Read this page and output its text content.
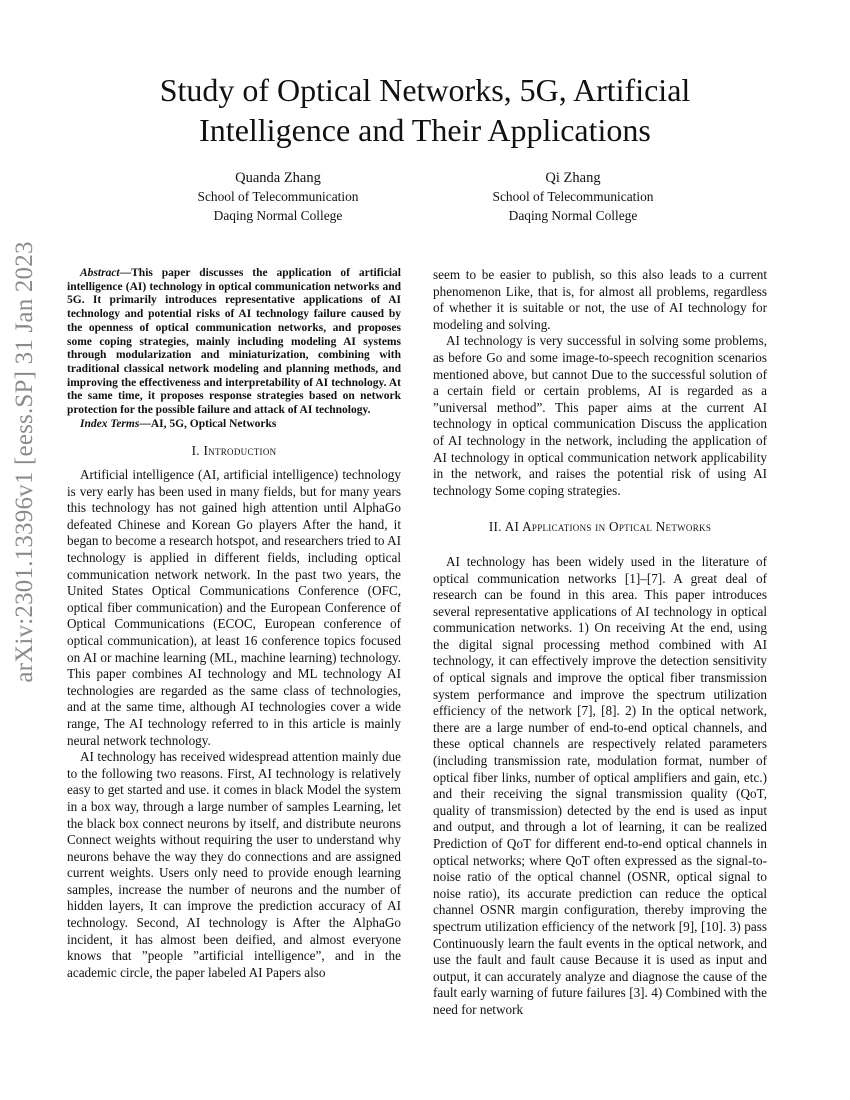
arXiv:2301.13396v1 [eess.SP] 31 Jan 2023
Study of Optical Networks, 5G, Artificial
Intelligence and Their Applications
Quanda Zhang
School of Telecommunication
Daqing Normal College
Qi Zhang
School of Telecommunication
Daqing Normal College

Abstract—This paper discusses the application of artificial intelligence (AI) technology in optical communication networks and 5G. It primarily introduces representative applications of AI technology and potential risks of AI technology failure caused by the openness of optical communication networks, and proposes some coping strategies, mainly including modeling AI systems through modularization and miniaturization, combining with traditional classical network modeling and planning methods, and improving the effectiveness and interpretability of AI technology. At the same time, it proposes response strategies based on network protection for the possible failure and attack of AI technology.

Index Terms—AI, 5G, Optical Networks

I. Introduction

Artificial intelligence (AI, artificial intelligence) technology is very early has been used in many fields, but for many years this technology has not gained high attention until AlphaGo defeated Chinese and Korean Go players After the hand, it began to become a research hotspot, and researchers tried to AI technology is applied in different fields, including optical communication network network. In the past two years, the United States Optical Communications Conference (OFC, optical fiber communication) and the European Conference of Optical Communications (ECOC, European conference of optical communication), at least 16 conference topics focused on AI or machine learning (ML, machine learning) technology. This paper combines AI technology and ML technology AI technologies are regarded as the same class of technologies, and at the same time, although AI technologies cover a wide range, The AI technology referred to in this article is mainly neural network technology.

AI technology has received widespread attention mainly due to the following two reasons. First, AI technology is relatively easy to get started and use. it comes in black Model the system in a box way, through a large number of samples Learning, let the black box connect neurons by itself, and distribute neurons Connect weights without requiring the user to understand why neurons behave the way they do connections and are assigned current weights. Users only need to provide enough learning samples, increase the number of neurons and the number of hidden layers, It can improve the prediction accuracy of AI technology. Second, AI technology is After the AlphaGo incident, it has almost been deified, and almost everyone knows that ”people ”artificial intelligence”, and in the academic circle, the paper labeled AI Papers also

seem to be easier to publish, so this also leads to a current phenomenon Like, that is, for almost all problems, regardless of whether it is suitable or not, the use of AI technology for modeling and solving.

AI technology is very successful in solving some problems, as before Go and some image-to-speech recognition scenarios mentioned above, but cannot Due to the successful solution of a certain field or certain problems, AI is regarded as a ”universal method”. This paper aims at the current AI technology in optical communication Discuss the application of AI technology in the network, including the application of AI technology in optical communication network applicability in the network, and raises the potential risk of using AI technology Some coping strategies.

II. AI Applications in Optical Networks

AI technology has been widely used in the literature of optical communication networks [1]–[7]. A great deal of research can be found in this area. This paper introduces several representative applications of AI technology in optical communication networks. 1) On receiving At the end, using the digital signal processing method combined with AI technology, it can effectively improve the detection sensitivity of optical signals and improve the optical fiber transmission system performance and improve the spectrum utilization efficiency of the network [7], [8]. 2) In the optical network, there are a large number of end-to-end optical channels, and these optical channels are respectively related parameters (including transmission rate, modulation format, number of optical fiber links, number of optical amplifiers and gain, etc.) and their receiving the signal transmission quality (QoT, quality of transmission) detected by the end is used as input and output, and through a lot of learning, it can be realized Prediction of QoT for different end-to-end optical channels in optical networks; where QoT often expressed as the signal-to-noise ratio of the optical channel (OSNR, optical signal to noise ratio), its accurate prediction can reduce the optical channel OSNR margin configuration, thereby improving the spectrum utilization efficiency of the network [9], [10]. 3) pass Continuously learn the fault events in the optical network, and use the fault and fault cause Because it is used as input and output, it can accurately analyze and diagnose the cause of the fault early warning of future failures [3]. 4) Combined with the need for network
